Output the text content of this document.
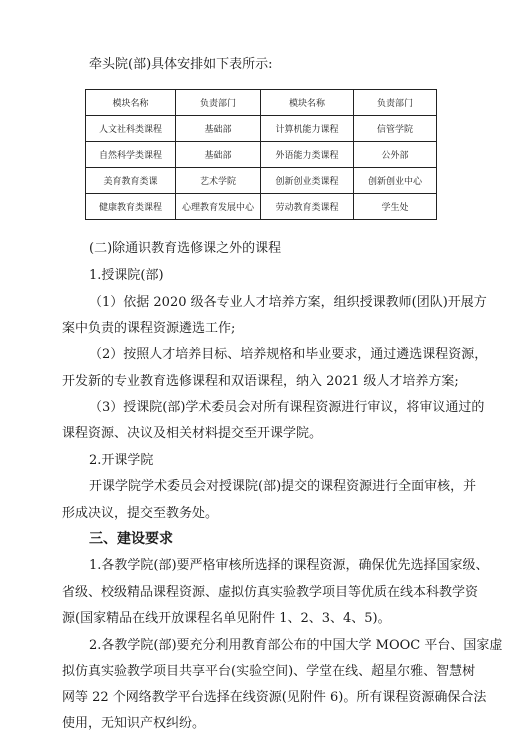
牵头院(部)具体安排如下表所示:
模块名称	负责部门	模块名称	负责部门
人文社科类课程	基础部	计算机能力课程	信管学院
自然科学类课程	基础部	外语能力类课程	公外部
美育教育类课	艺术学院	创新创业类课程	创新创业中心
健康教育类课程	心理教育发展中心	劳动教育类课程	学生处
(二)除通识教育选修课之外的课程
1.授课院(部)
（1）依据 2020 级各专业人才培养方案，组织授课教师(团队)开展方
案中负责的课程资源遴选工作;
（2）按照人才培养目标、培养规格和毕业要求，通过遴选课程资源，
开发新的专业教育选修课程和双语课程，纳入 2021 级人才培养方案;
（3）授课院(部)学术委员会对所有课程资源进行审议，将审议通过的
课程资源、决议及相关材料提交至开课学院。
2.开课学院
开课学院学术委员会对授课院(部)提交的课程资源进行全面审核，并
形成决议，提交至教务处。
三、建设要求
1.各教学院(部)要严格审核所选择的课程资源，确保优先选择国家级、
省级、校级精品课程资源、虚拟仿真实验教学项目等优质在线本科教学资
源(国家精品在线开放课程名单见附件 1、2、3、4、5)。
2.各教学院(部)要充分利用教育部公布的中国大学 MOOC 平台、国家虚
拟仿真实验教学项目共享平台(实验空间)、学堂在线、超星尔雅、智慧树
网等 22 个网络教学平台选择在线资源(见附件 6)。所有课程资源确保合法
使用，无知识产权纠纷。
